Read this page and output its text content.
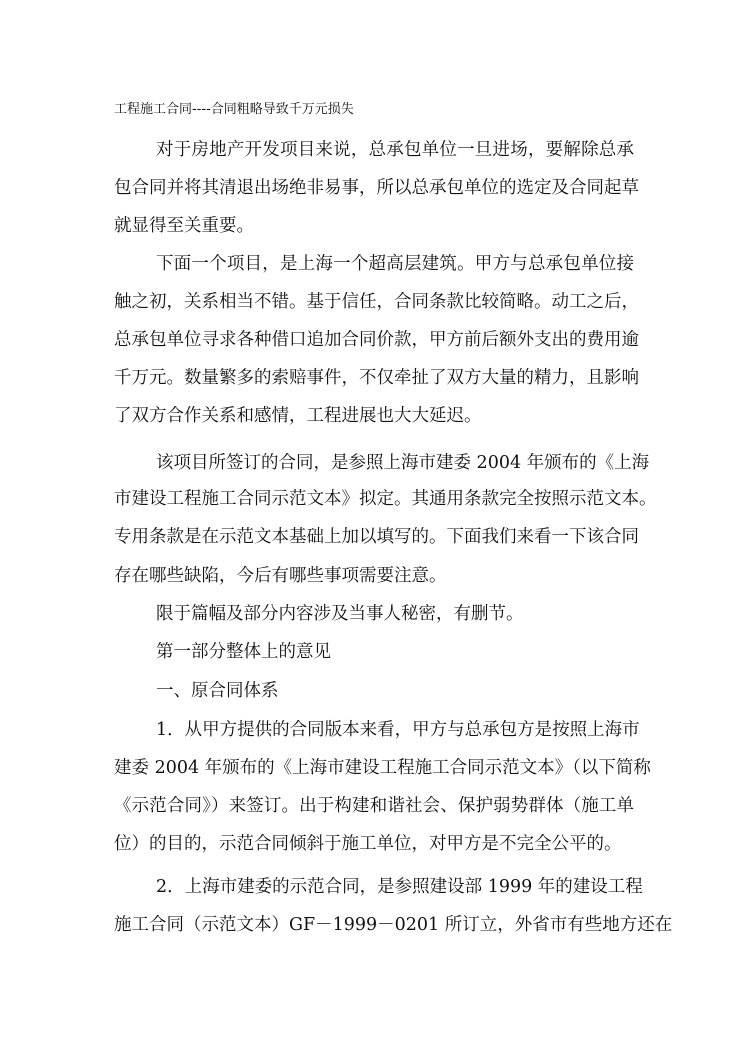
工程施工合同----合同粗略导致千万元损失
对于房地产开发项目来说，总承包单位一旦进场，要解除总承
包合同并将其清退出场绝非易事，所以总承包单位的选定及合同起草
就显得至关重要。
下面一个项目，是上海一个超高层建筑。甲方与总承包单位接
触之初，关系相当不错。基于信任，合同条款比较简略。动工之后，
总承包单位寻求各种借口追加合同价款，甲方前后额外支出的费用逾
千万元。数量繁多的索赔事件，不仅牵扯了双方大量的精力，且影响
了双方合作关系和感情，工程进展也大大延迟。
该项目所签订的合同，是参照上海市建委 2004 年颁布的《上海
市建设工程施工合同示范文本》拟定。其通用条款完全按照示范文本。
专用条款是在示范文本基础上加以填写的。下面我们来看一下该合同
存在哪些缺陷，今后有哪些事项需要注意。
限于篇幅及部分内容涉及当事人秘密，有删节。
第一部分整体上的意见
一、原合同体系
1．从甲方提供的合同版本来看，甲方与总承包方是按照上海市
建委 2004 年颁布的《上海市建设工程施工合同示范文本》（以下简称
《示范合同》）来签订。出于构建和谐社会、保护弱势群体（施工单
位）的目的，示范合同倾斜于施工单位，对甲方是不完全公平的。
2．上海市建委的示范合同，是参照建设部 1999 年的建设工程
施工合同（示范文本）GF－1999－0201 所订立，外省市有些地方还在
